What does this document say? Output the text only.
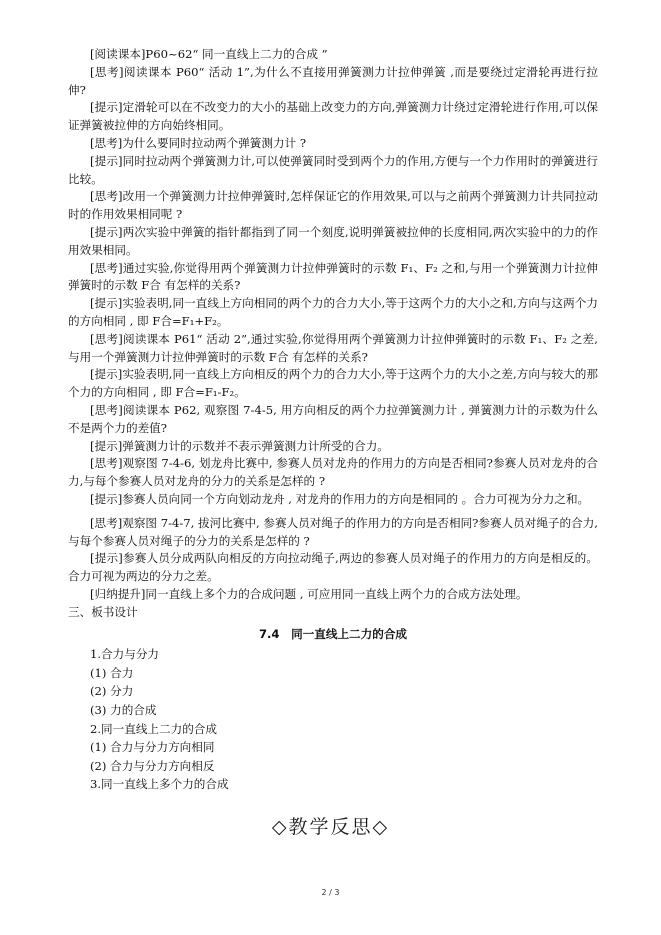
[阅读课本]P60~62“ 同一直线上二力的合成 ”

[思考]阅读课本 P60“ 活动 1”,为什么不直接用弹簧测力计拉伸弹簧 ,而是要绕过定滑轮再进行拉伸?

[提示]定滑轮可以在不改变力的大小的基础上改变力的方向,弹簧测力计绕过定滑轮进行作用,可以保证弹簧被拉伸的方向始终相同。

[思考]为什么要同时拉动两个弹簧测力计 ?

[提示]同时拉动两个弹簧测力计,可以使弹簧同时受到两个力的作用,方便与一个力作用时的弹簧进行比较。

[思考]改用一个弹簧测力计拉伸弹簧时,怎样保证它的作用效果,可以与之前两个弹簧测力计共同拉动时的作用效果相同呢 ?

[提示]两次实验中弹簧的指针都指到了同一个刻度,说明弹簧被拉伸的长度相同,两次实验中的力的作用效果相同。

[思考]通过实验,你觉得用两个弹簧测力计拉伸弹簧时的示数 F₁、F₂ 之和,与用一个弹簧测力计拉伸弹簧时的示数 F合 有怎样的关系?

[提示]实验表明,同一直线上方向相同的两个力的合力大小,等于这两个力的大小之和,方向与这两个力的方向相同 , 即 F合=F₁+F₂。

[思考]阅读课本 P61“ 活动 2”,通过实验,你觉得用两个弹簧测力计拉伸弹簧时的示数 F₁、F₂ 之差,与用一个弹簧测力计拉伸弹簧时的示数 F合 有怎样的关系?

[提示]实验表明,同一直线上方向相反的两个力的合力大小,等于这两个力的大小之差,方向与较大的那个力的方向相同 , 即 F合=F₁-F₂。

[思考]阅读课本 P62, 观察图 7-4-5, 用方向相反的两个力拉弹簧测力计 , 弹簧测力计的示数为什么不是两个力的差值?

[提示]弹簧测力计的示数并不表示弹簧测力计所受的合力。

[思考]观察图 7-4-6, 划龙舟比赛中, 参赛人员对龙舟的作用力的方向是否相同?参赛人员对龙舟的合力,与每个参赛人员对龙舟的分力的关系是怎样的 ?

[提示]参赛人员向同一个方向划动龙舟 , 对龙舟的作用力的方向是相同的 。合力可视为分力之和。

[思考]观察图 7-4-7, 拔河比赛中, 参赛人员对绳子的作用力的方向是否相同?参赛人员对绳子的合力, 与每个参赛人员对绳子的分力的关系是怎样的 ?

[提示]参赛人员分成两队向相反的方向拉动绳子,两边的参赛人员对绳子的作用力的方向是相反的。 合力可视为两边的分力之差。

[归纳提升]同一直线上多个力的合成问题 , 可应用同一直线上两个力的合成方法处理。

三、板书设计

7.4　同一直线上二力的合成

1.合力与分力
(1) 合力
(2) 分力
(3) 力的合成
2.同一直线上二力的合成
(1) 合力与分力方向相同
(2) 合力与分力方向相反
3.同一直线上多个力的合成
◇教学反思◇
2 / 3
